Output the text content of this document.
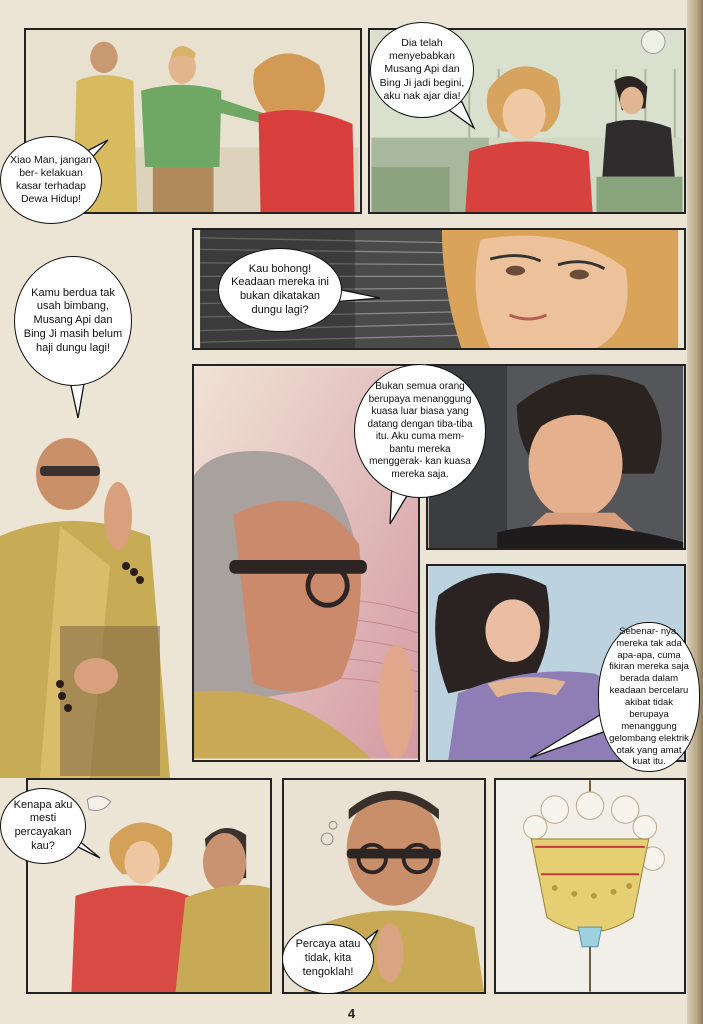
Xiao Man, jangan ber- kelakuan kasar terhadap Dewa Hidup!
Dia telah menyebabkan Musang Api dan Bing Ji jadi begini, aku nak ajar dia!
Kau bohong! Keadaan mereka ini bukan dikatakan dungu lagi?
Kamu berdua tak usah bimbang, Musang Api dan Bing Ji masih belum haji dungu lagi!
Bukan semua orang berupaya menanggung kuasa luar biasa yang datang dengan tiba-tiba itu. Aku cuma mem- bantu mereka menggerak- kan kuasa mereka saja.
Sebenar- nya, mereka tak ada apa-apa, cuma fikiran mereka saja berada dalam keadaan bercelaru akibat tidak berupaya menanggung gelombang elektrik otak yang amat kuat itu.
Kenapa aku mesti percayakan kau?
Percaya atau tidak, kita tengoklah!
4
